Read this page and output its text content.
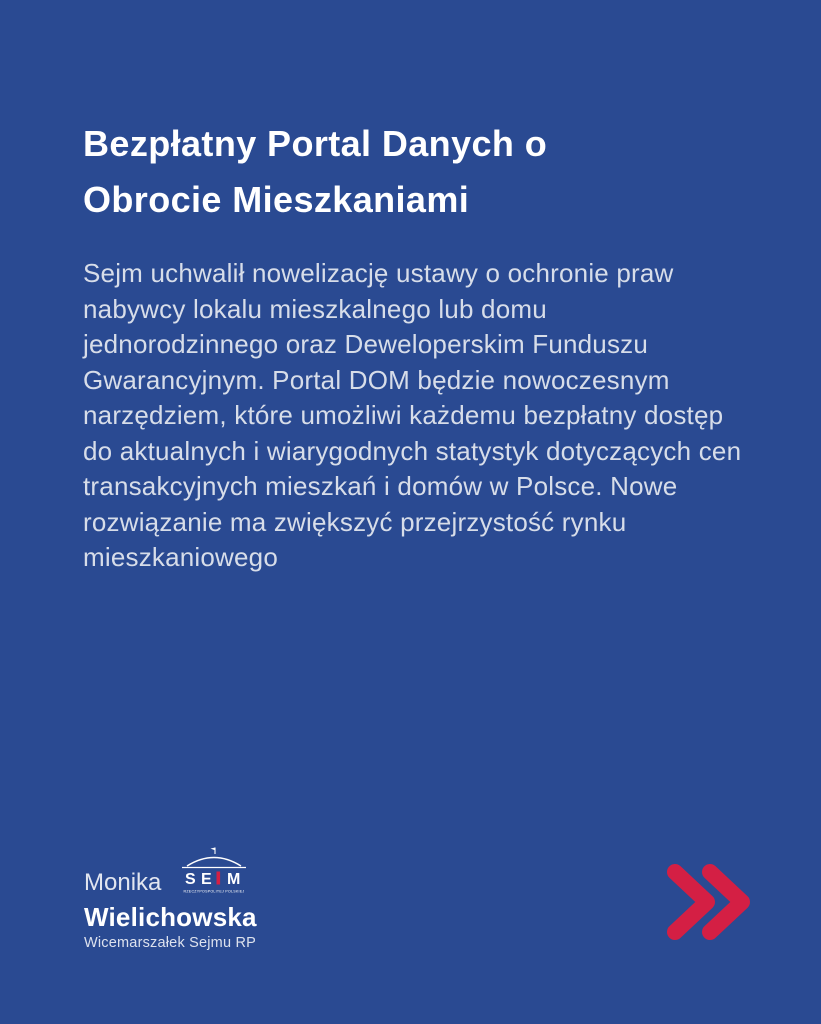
Bezpłatny Portal Danych o Obrocie Mieszkaniami

Sejm uchwalił nowelizację ustawy o ochronie praw nabywcy lokalu mieszkalnego lub domu jednorodzinnego oraz Deweloperskim Funduszu Gwarancyjnym. Portal DOM będzie nowoczesnym narzędziem, które umożliwi każdemu bezpłatny dostęp do aktualnych i wiarygodnych statystyk dotyczących cen transakcyjnych mieszkań i domów w Polsce. Nowe rozwiązanie ma zwiększyć przejrzystość rynku mieszkaniowego

Monika S E M
RZECZYPOSPOLITEJ POLSKIEJ
Wielichowska
Wicemarszałek Sejmu RP
